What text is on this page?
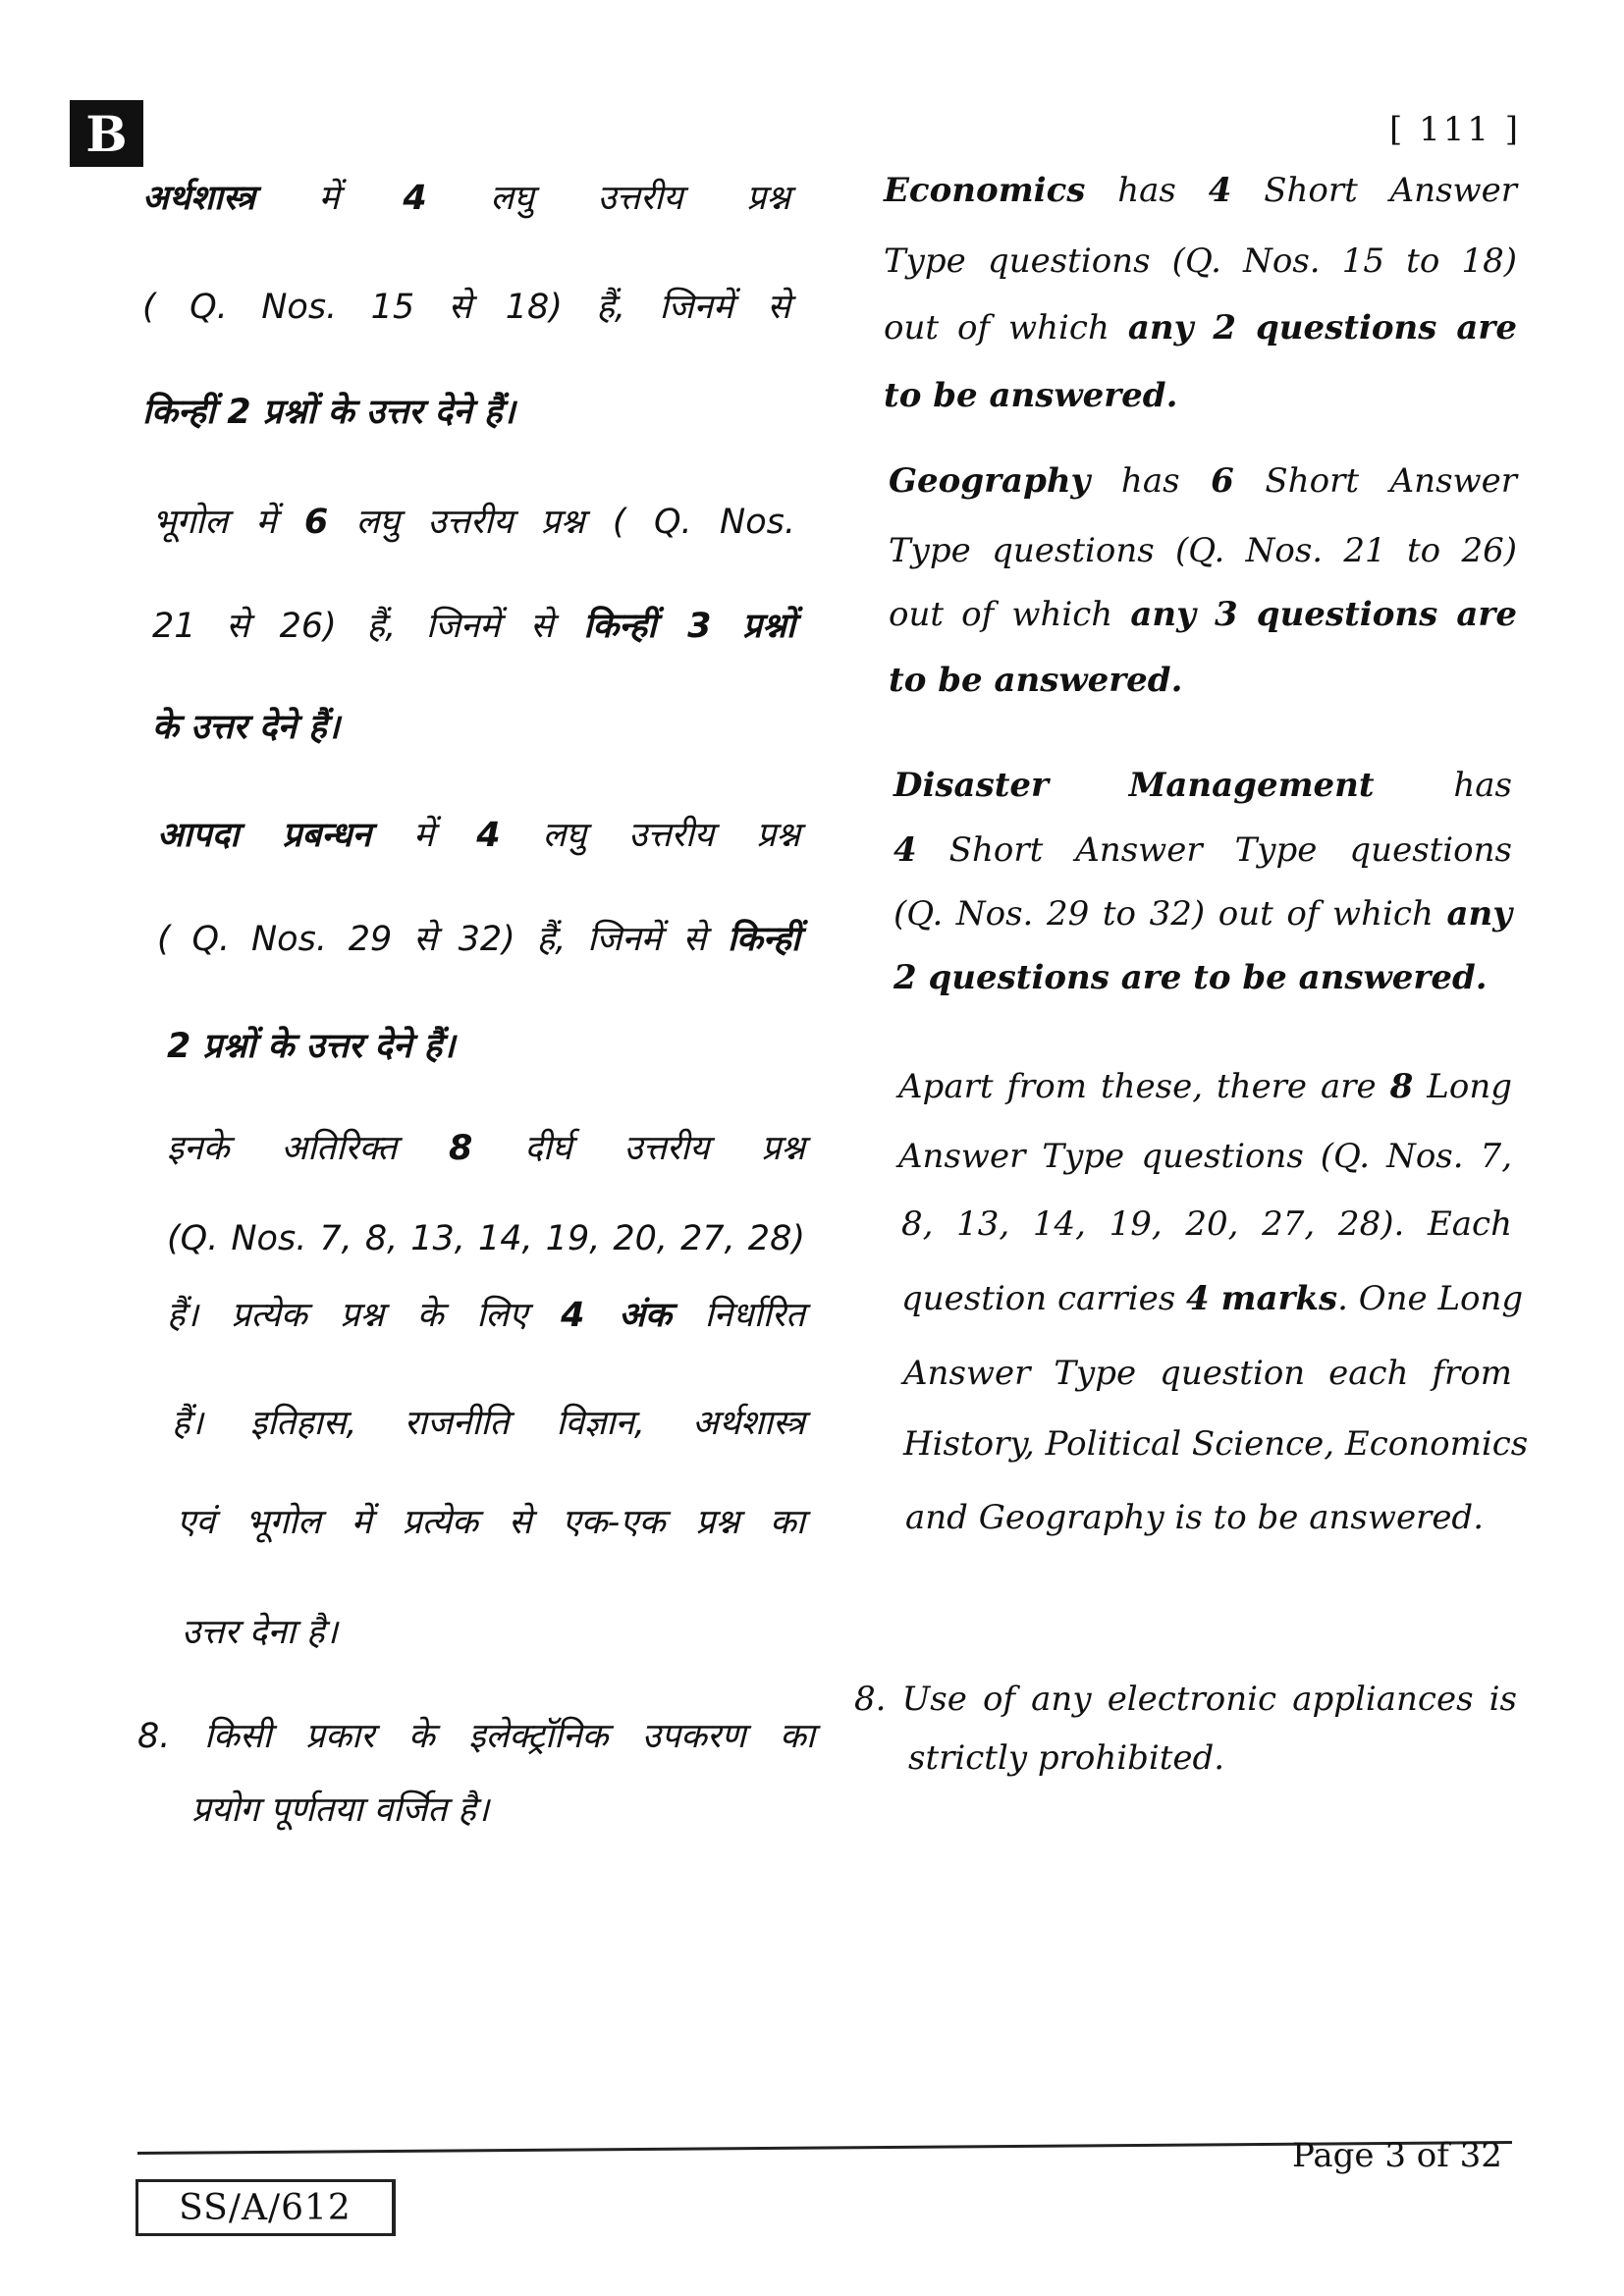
B	[ 111 ]
अर्थशास्त्र में 4 लघु उत्तरीय प्रश्न
( Q. Nos. 15 से 18) हैं, जिनमें से
किन्हीं 2 प्रश्नों के उत्तर देने हैं।
भूगोल में 6 लघु उत्तरीय प्रश्न ( Q. Nos.
21 से 26) हैं, जिनमें से किन्हीं 3 प्रश्नों
के उत्तर देने हैं।
आपदा प्रबन्धन में 4 लघु उत्तरीय प्रश्न
( Q. Nos. 29 से 32) हैं, जिनमें से किन्हीं
2 प्रश्नों के उत्तर देने हैं।
इनके अतिरिक्त 8 दीर्घ उत्तरीय प्रश्न
(Q. Nos. 7, 8, 13, 14, 19, 20, 27, 28)
हैं। प्रत्येक प्रश्न के लिए 4 अंक निर्धारित
हैं। इतिहास, राजनीति विज्ञान, अर्थशास्त्र
एवं भूगोल में प्रत्येक से एक-एक प्रश्न का
उत्तर देना है।
8. किसी प्रकार के इलेक्ट्रॉनिक उपकरण का
प्रयोग पूर्णतया वर्जित है।
Economics has 4 Short Answer
Type questions (Q. Nos. 15 to 18)
out of which any 2 questions are
to be answered.
Geography has 6 Short Answer
Type questions (Q. Nos. 21 to 26)
out of which any 3 questions are
to be answered.
Disaster Management has
4 Short Answer Type questions
(Q. Nos. 29 to 32) out of which any
2 questions are to be answered.
Apart from these, there are 8 Long
Answer Type questions (Q. Nos. 7,
8, 13, 14, 19, 20, 27, 28). Each
question carries 4 marks. One Long
Answer Type question each from
History, Political Science, Economics
and Geography is to be answered.
8. Use of any electronic appliances is
strictly prohibited.
Page 3 of 32
SS/A/612
